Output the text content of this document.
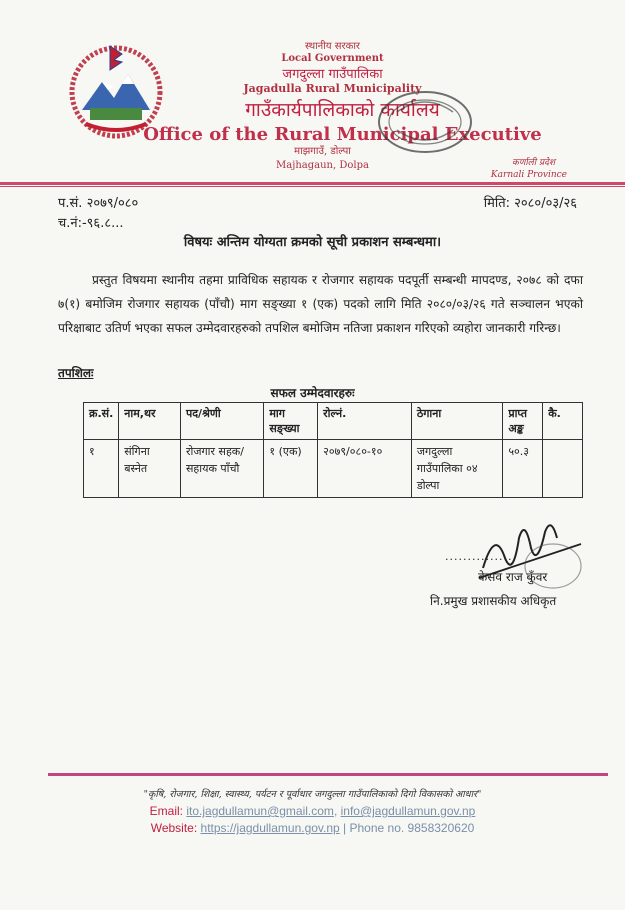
स्थानीय सरकार
Local Government
जगदुल्ला गाउँपालिका
Jagadulla Rural Municipality
गाउँकार्यपालिकाको कार्यालय
Office of the Rural Municipal Executive
माझगाउँ, डोल्पा
Majhagaun, Dolpa	कर्णाली प्रदेश
Karnali Province
प.सं. २०७९/०८०
च.नं:-९६.८...
मिति: २०८०/०३/२६
विषयः अन्तिम योग्यता क्रमको सूची प्रकाशन सम्बन्धमा।
प्रस्तुत विषयमा स्थानीय तहमा प्राविधिक सहायक र रोजगार सहायक पदपूर्ती सम्बन्धी मापदण्ड, २०७८ को दफा ७(१) बमोजिम रोजगार सहायक (पाँचौ) माग सङ्ख्या १ (एक) पदको लागि मिति २०८०/०३/२६ गते सञ्चालन भएको परिक्षाबाट उतिर्ण भएका सफल उम्मेदवारहरुको तपशिल बमोजिम नतिजा प्रकाशन गरिएको व्यहोरा जानकारी गरिन्छ।
तपशिलः
सफल उम्मेदवारहरुः
क्र.सं.	नाम,थर	पद/श्रेणी	माग सङ्ख्या	रोल्नं.	ठेगाना	प्राप्त अङ्क	कै.
१	संगिना बस्नेत	रोजगार सहक/ सहायक पाँचौ	१ (एक)	२०७९/०८०-१०	जगदुल्ला गाउँपालिका ०४ डोल्पा	५०.३	
...............
केसव राज कुँवर
नि.प्रमुख प्रशासकीय अधिकृत
"कृषि, रोजगार, शिक्षा, स्वास्थ्य, पर्यटन र पूर्वाधार जगदुल्ला गाउँपालिकाको दिगो विकासको आधार"
Email: ito.jagdullamun@gmail.com, info@jagdullamun.gov.np
Website: https://jagdullamun.gov.np | Phone no. 9858320620
